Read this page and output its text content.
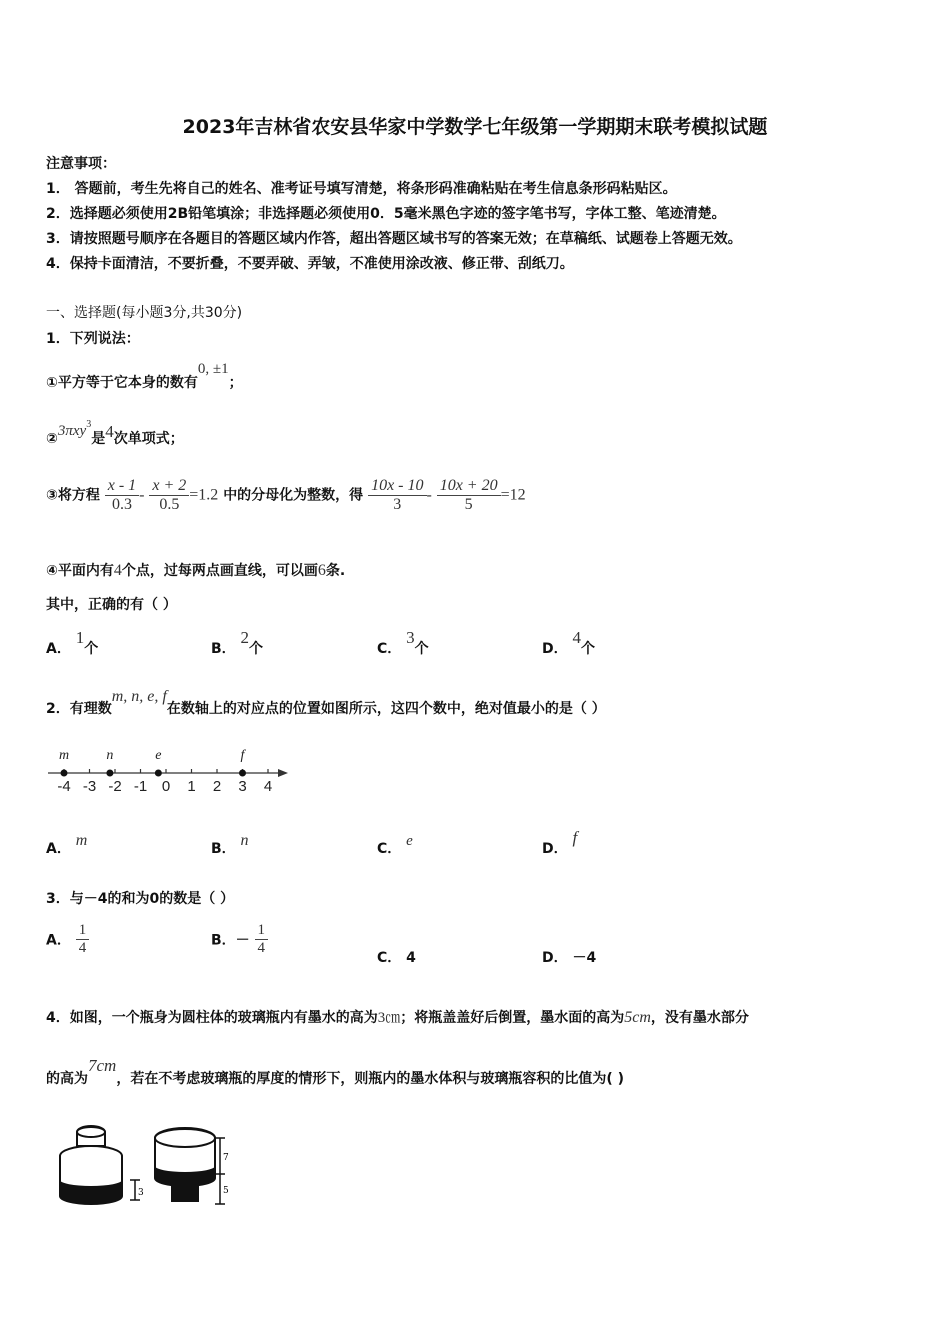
2023年吉林省农安县华家中学数学七年级第一学期期末联考模拟试题
注意事项：
1． 答题前，考生先将自己的姓名、准考证号填写清楚，将条形码准确粘贴在考生信息条形码粘贴区。
2．选择题必须使用2B铅笔填涂；非选择题必须使用0．5毫米黑色字迹的签字笔书写，字体工整、笔迹清楚。
3．请按照题号顺序在各题目的答题区域内作答，超出答题区域书写的答案无效；在草稿纸、试题卷上答题无效。
4．保持卡面清洁，不要折叠，不要弄破、弄皱，不准使用涂改液、修正带、刮纸刀。
一、选择题(每小题3分,共30分)
1．下列说法：
①平方等于它本身的数有0, ±1；
②3πxy$^3$是4次单项式；
③将方程 $\frac{x - 1}{0.3} - \frac{x + 2}{0.5} =1.2$ 中的分母化为整数，得 $\frac{10x - 10}{3} - \frac{10x + 20}{5} =12$
④平面内有4个点，过每两点画直线，可以画6条.
其中，正确的有（ ）
A． 1个	B． 2个	C． 3个	D． 4个
2．有理数m, n, e, f在数轴上的对应点的位置如图所示，这四个数中，绝对值最小的是（ ）
-4 -3 -2 -1 0 1 2 3 4
m	n	e	f
A． m	B． n	C． e	D． f
3．与－4的和为0的数是（ ）
A． $\frac{1}{4}$	B．－ $\frac{1}{4}$
C． 4	D． －4
4．如图，一个瓶身为圆柱体的玻璃瓶内有墨水的高为3㎝；将瓶盖盖好后倒置，墨水面的高为5cm，没有墨水部分
的高为7cm，若在不考虑玻璃瓶的厚度的情形下，则瓶内的墨水体积与玻璃瓶容积的比值为( )
3
7
5
